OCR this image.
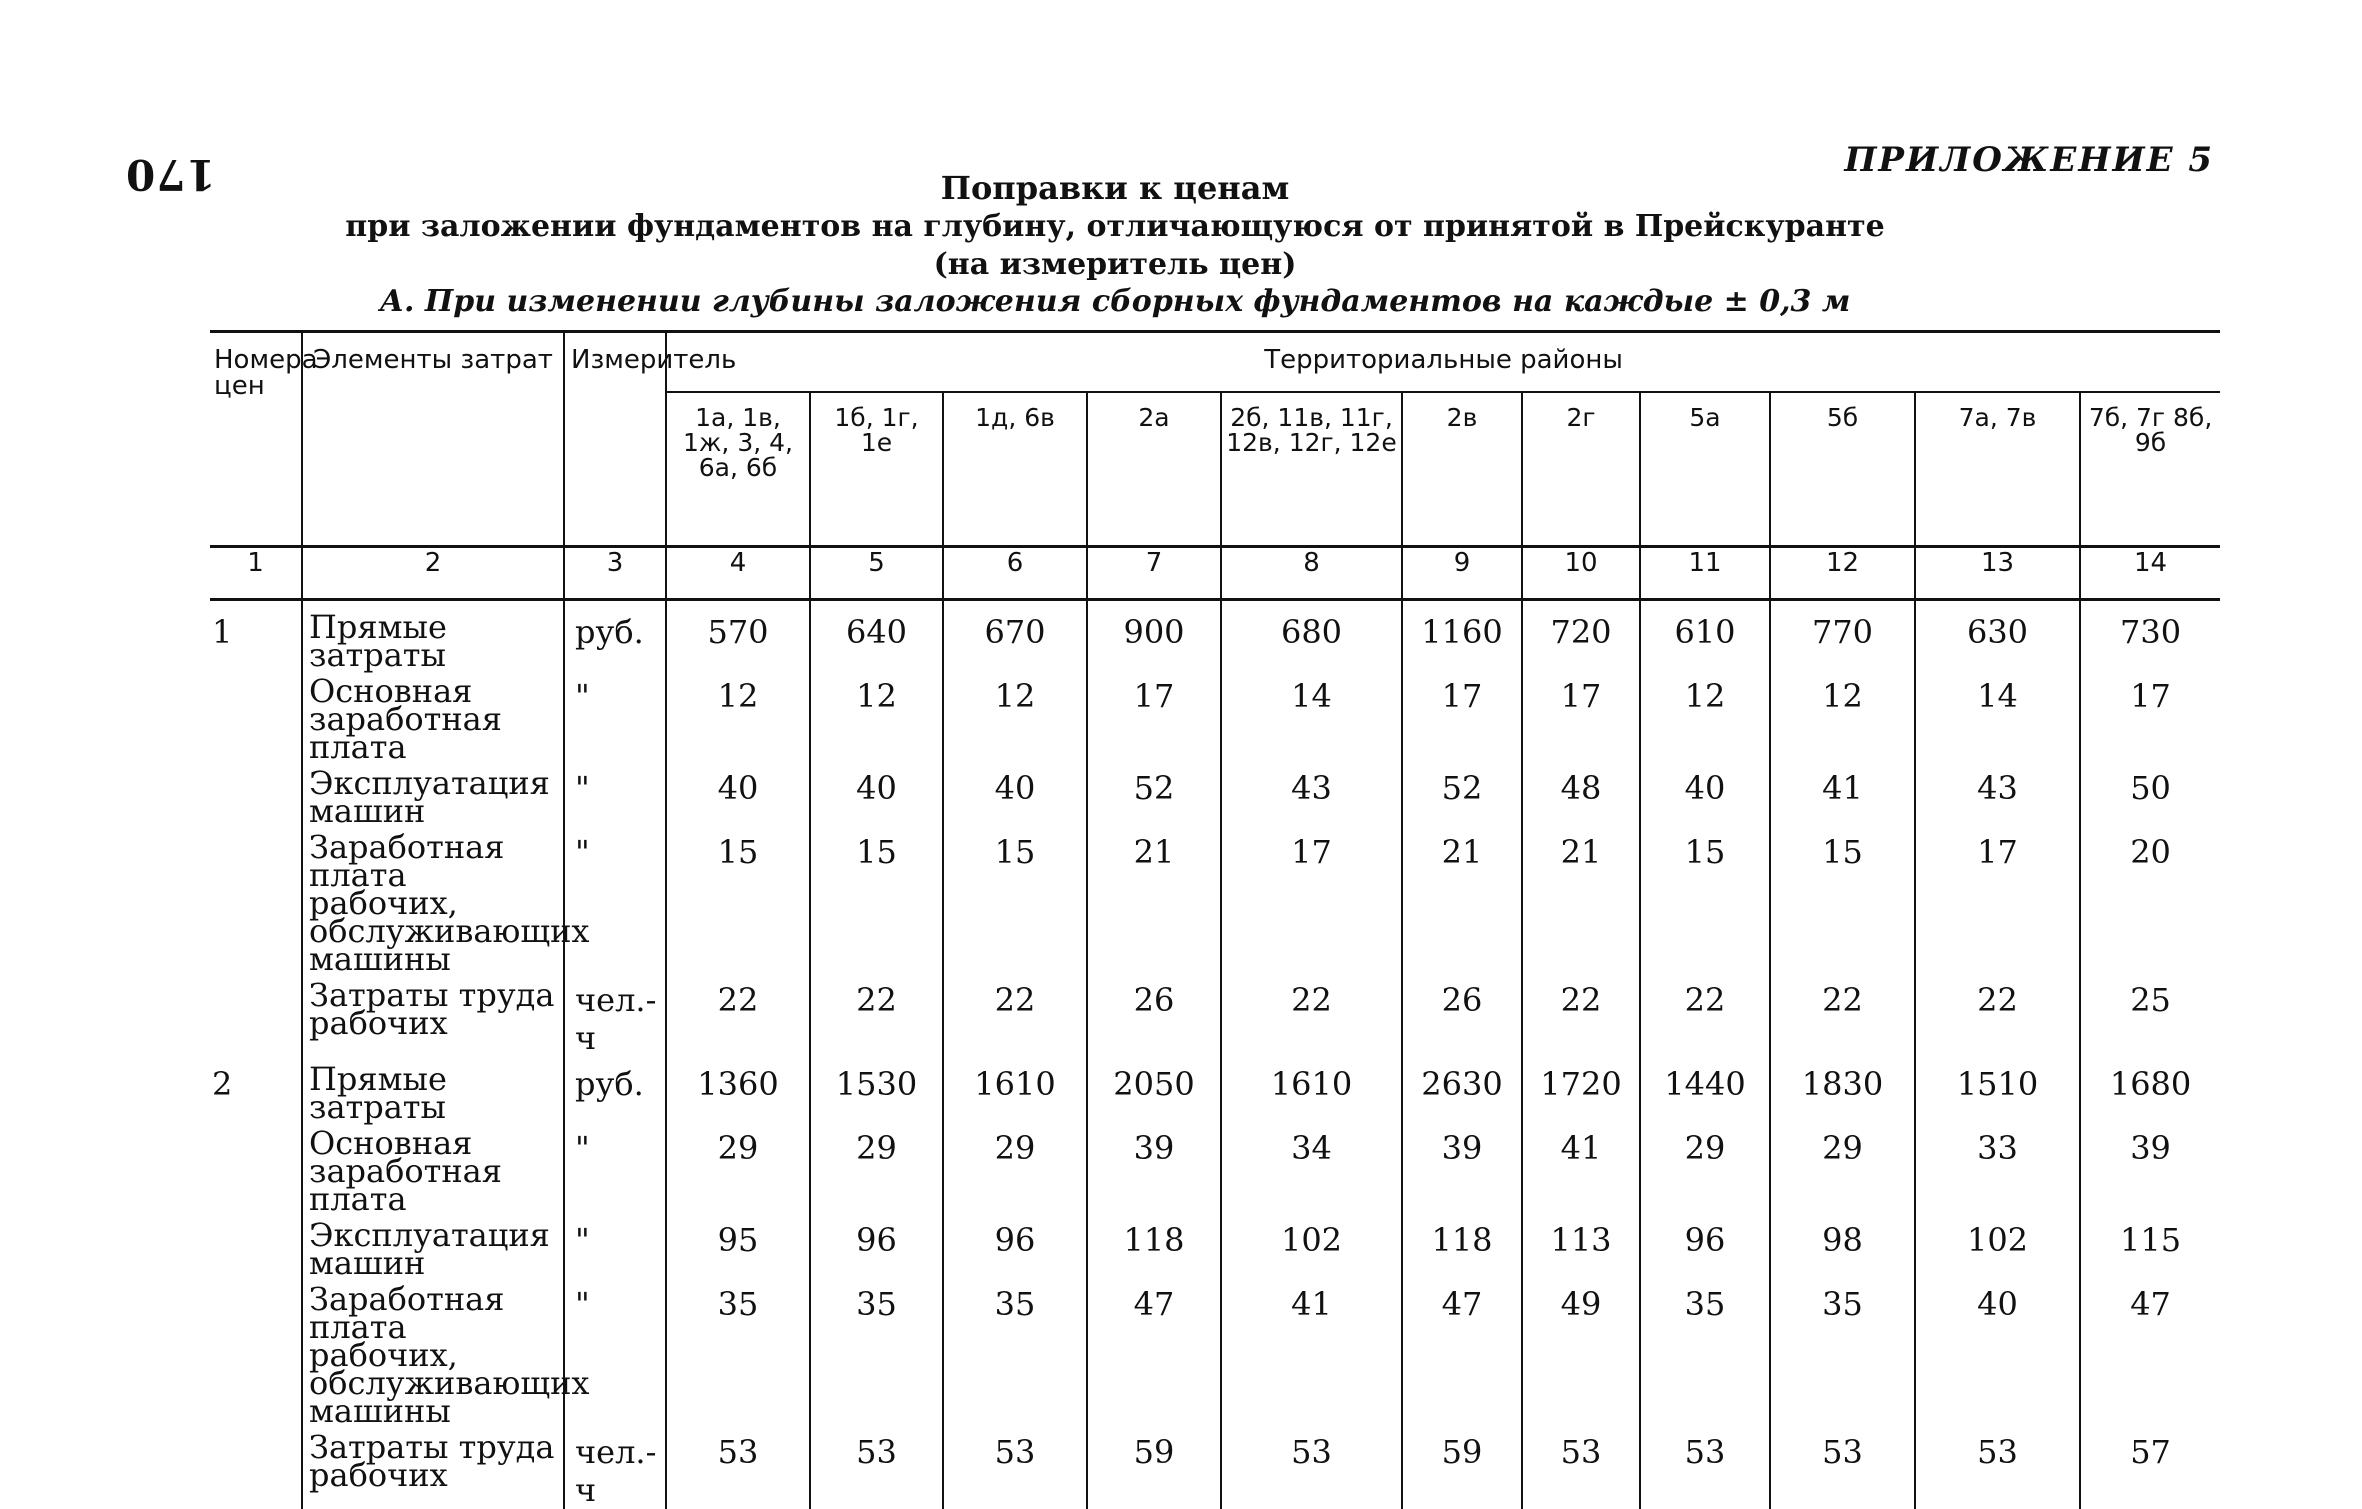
170	ПРИЛОЖЕНИЕ 5
Поправки к ценам
при заложении фундаментов на глубину, отличающуюся от принятой в Прейскуранте
(на измеритель цен)
А. При изменении глубины заложения сборных фундаментов на каждые ± 0,3 м
Номера цен	Элементы затрат	Измеритель	Территориальные районы										
			1а, 1в, 1ж, 3, 4, 6а, 6б	1б, 1г, 1е	1д, 6в	2а	2б, 11в, 11г, 12в, 12г, 12е	2в	2г	5а	5б	7а, 7в	7б, 7г 8б, 9б
1	2	3	4	5	6	7	8	9	10	11	12	13	14
1	Прямые затраты	руб.	570	640	670	900	680	1160	720	610	770	630	730
	Основная заработная плата	"	12	12	12	17	14	17	17	12	12	14	17
	Эксплуатация машин	"	40	40	40	52	43	52	48	40	41	43	50
	Заработная плата рабочих, обслуживающих машины	"	15	15	15	21	17	21	21	15	15	17	20
	Затраты труда рабочих	чел.-ч	22	22	22	26	22	26	22	22	22	22	25
2	Прямые затраты	руб.	1360	1530	1610	2050	1610	2630	1720	1440	1830	1510	1680
	Основная заработная плата	"	29	29	29	39	34	39	41	29	29	33	39
	Эксплуатация машин	"	95	96	96	118	102	118	113	96	98	102	115
	Заработная плата рабочих, обслуживающих машины	"	35	35	35	47	41	47	49	35	35	40	47
	Затраты труда рабочих	чел.-ч	53	53	53	59	53	59	53	53	53	53	57
